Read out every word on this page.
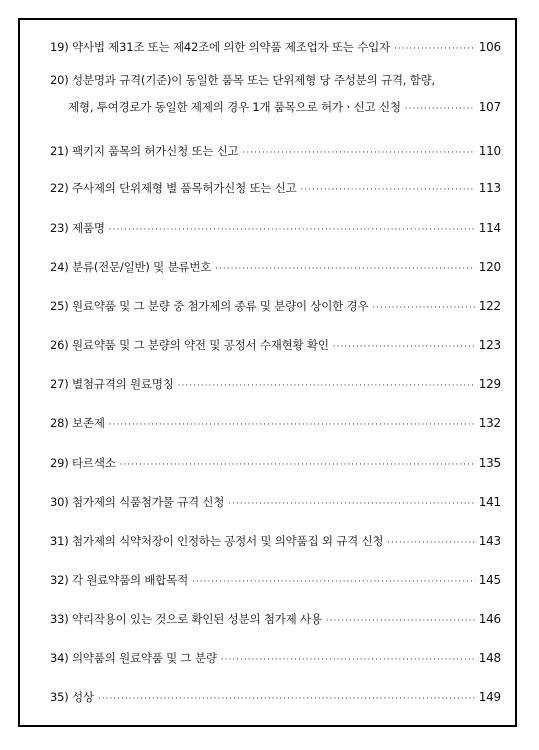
19) 약사법 제31조 또는 제42조에 의한 의약품 제조업자 또는 수입자 ·····	106
20) 성분명과 규격(기준)이 동일한 품목 또는 단위제형 당 주성분의 규격, 함량,
제형, 투여경로가 동일한 제제의 경우 1개 품목으로 허가ㆍ신고 신청 ·····	107
21) 팩키지 품목의 허가신청 또는 신고 ·····	110
22) 주사제의 단위제형 별 품목허가신청 또는 신고 ·····	113
23) 제품명 ·····	114
24) 분류(전문/일반) 및 분류번호 ·····	120
25) 원료약품 및 그 분량 중 첨가제의 종류 및 분량이 상이한 경우 ·····	122
26) 원료약품 및 그 분량의 약전 및 공정서 수재현황 확인 ·····	123
27) 별첨규격의 원료명칭 ·····	129
28) 보존제 ·····	132
29) 타르색소 ·····	135
30) 첨가제의 식품첨가물 규격 신청 ·····	141
31) 첨가제의 식약처장이 인정하는 공정서 및 의약품집 외 규격 신청 ·····	143
32) 각 원료약품의 배합목적 ·····	145
33) 약리작용이 있는 것으로 확인된 성분의 첨가제 사용 ·····	146
34) 의약품의 원료약품 및 그 분량 ·····	148
35) 성상 ·····	149
